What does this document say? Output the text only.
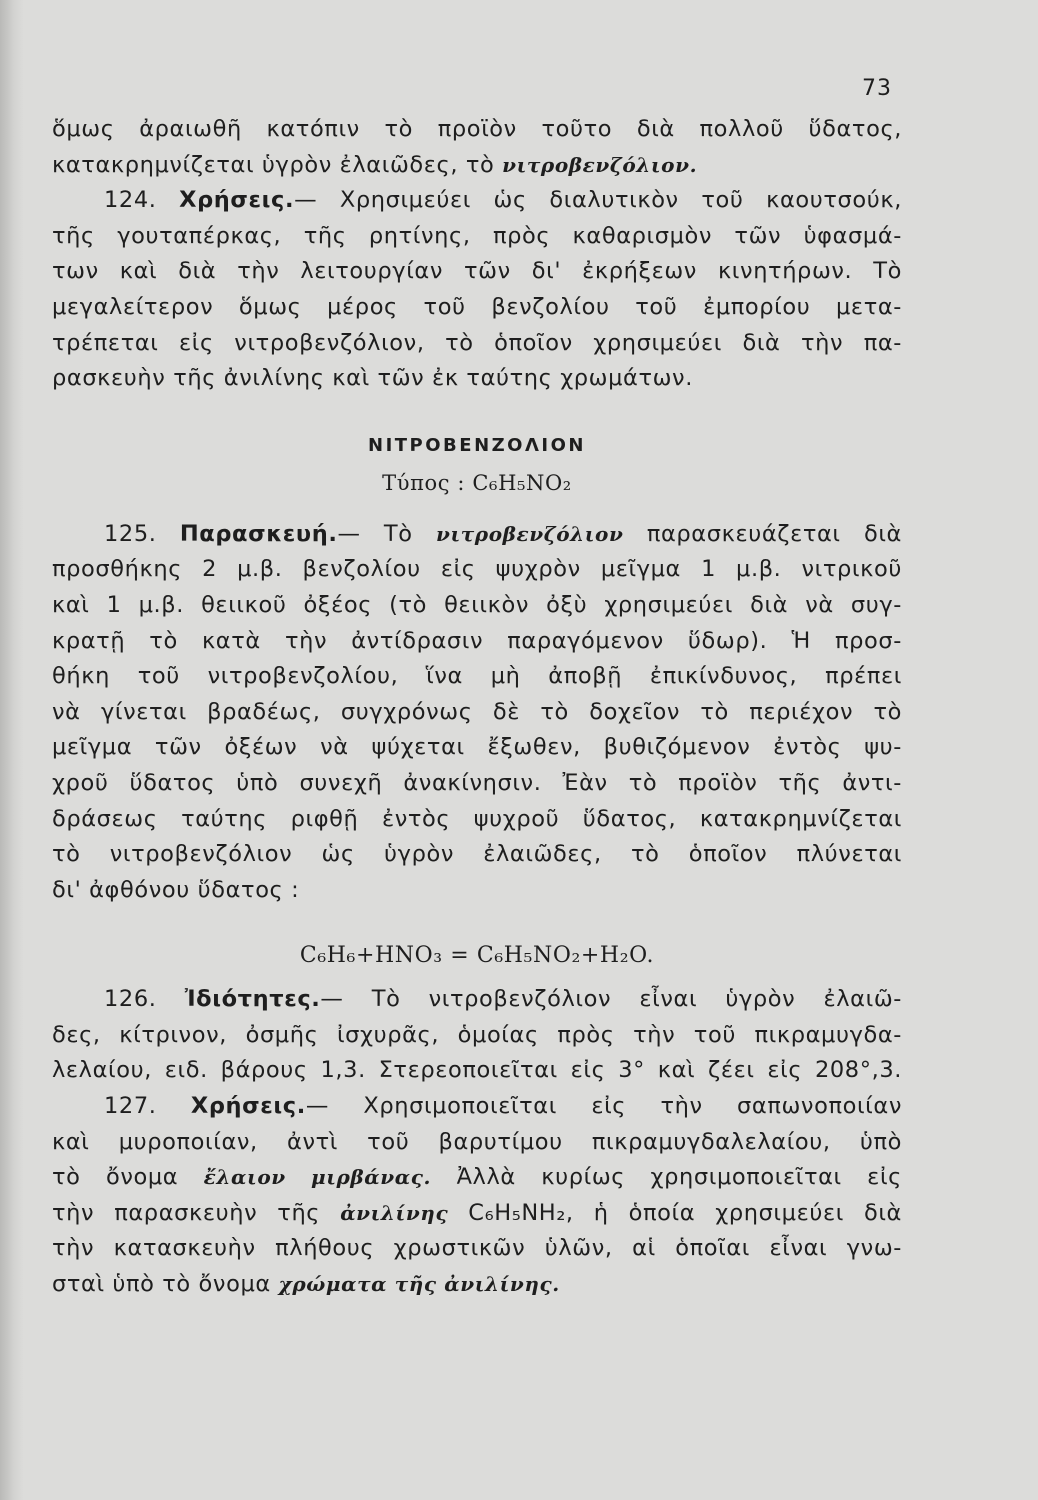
73
ὅμως ἀραιωθῆ κατόπιν τὸ προϊὸν τοῦτο διὰ πολλοῦ ὕδατος,
κατακρημνίζεται ὑγρὸν ἐλαιῶδες, τὸ νιτροβενζόλιον.
124. Χρήσεις.— Χρησιμεύει ὡς διαλυτικὸν τοῦ καουτσούκ,
τῆς γουταπέρκας, τῆς ρητίνης, πρὸς καθαρισμὸν τῶν ὑφασμά-
των καὶ διὰ τὴν λειτουργίαν τῶν δι' ἐκρήξεων κινητήρων. Τὸ
μεγαλείτερον ὅμως μέρος τοῦ βενζολίου τοῦ ἐμπορίου μετα-
τρέπεται εἰς νιτροβενζόλιον, τὸ ὁποῖον χρησιμεύει διὰ τὴν πα-
ρασκευὴν τῆς ἀνιλίνης καὶ τῶν ἐκ ταύτης χρωμάτων.
ΝΙΤΡΟΒΕΝΖΟΛΙΟΝ
Τύπος : C₆H₅NO₂
125. Παρασκευή.— Τὸ νιτροβενζόλιον παρασκευάζεται διὰ
προσθήκης 2 μ.β. βενζολίου εἰς ψυχρὸν μεῖγμα 1 μ.β. νιτρικοῦ
καὶ 1 μ.β. θειικοῦ ὀξέος (τὸ θειικὸν ὀξὺ χρησιμεύει διὰ νὰ συγ-
κρατῇ τὸ κατὰ τὴν ἀντίδρασιν παραγόμενον ὕδωρ). Ἡ προσ-
θήκη τοῦ νιτροβενζολίου, ἵνα μὴ ἀποβῇ ἐπικίνδυνος, πρέπει
νὰ γίνεται βραδέως, συγχρόνως δὲ τὸ δοχεῖον τὸ περιέχον τὸ
μεῖγμα τῶν ὀξέων νὰ ψύχεται ἔξωθεν, βυθιζόμενον ἐντὸς ψυ-
χροῦ ὕδατος ὑπὸ συνεχῆ ἀνακίνησιν. Ἐὰν τὸ προϊὸν τῆς ἀντι-
δράσεως ταύτης ριφθῇ ἐντὸς ψυχροῦ ὕδατος, κατακρημνίζεται
τὸ νιτροβενζόλιον ὡς ὑγρὸν ἐλαιῶδες, τὸ ὁποῖον πλύνεται
δι' ἀφθόνου ὕδατος :
C₆H₆+HNO₃ = C₆H₅NO₂+H₂O.
126. Ἰδιότητες.— Τὸ νιτροβενζόλιον εἶναι ὑγρὸν ἐλαιῶ-
δες, κίτρινον, ὀσμῆς ἰσχυρᾶς, ὁμοίας πρὸς τὴν τοῦ πικραμυγδα-
λελαίου, ειδ. βάρους 1,3. Στερεοποιεῖται εἰς 3° καὶ ζέει εἰς 208°,3.
127. Χρήσεις.— Χρησιμοποιεῖται εἰς τὴν σαπωνοποιίαν
καὶ μυροποιίαν, ἀντὶ τοῦ βαρυτίμου πικραμυγδαλελαίου, ὑπὸ
τὸ ὄνομα ἔλαιον μιρβάνας. Ἀλλὰ κυρίως χρησιμοποιεῖται εἰς
τὴν παρασκευὴν τῆς ἀνιλίνης C₆H₅NH₂, ἡ ὁποία χρησιμεύει διὰ
τὴν κατασκευὴν πλήθους χρωστικῶν ὑλῶν, αἱ ὁποῖαι εἶναι γνω-
σταὶ ὑπὸ τὸ ὄνομα χρώματα τῆς ἀνιλίνης.
